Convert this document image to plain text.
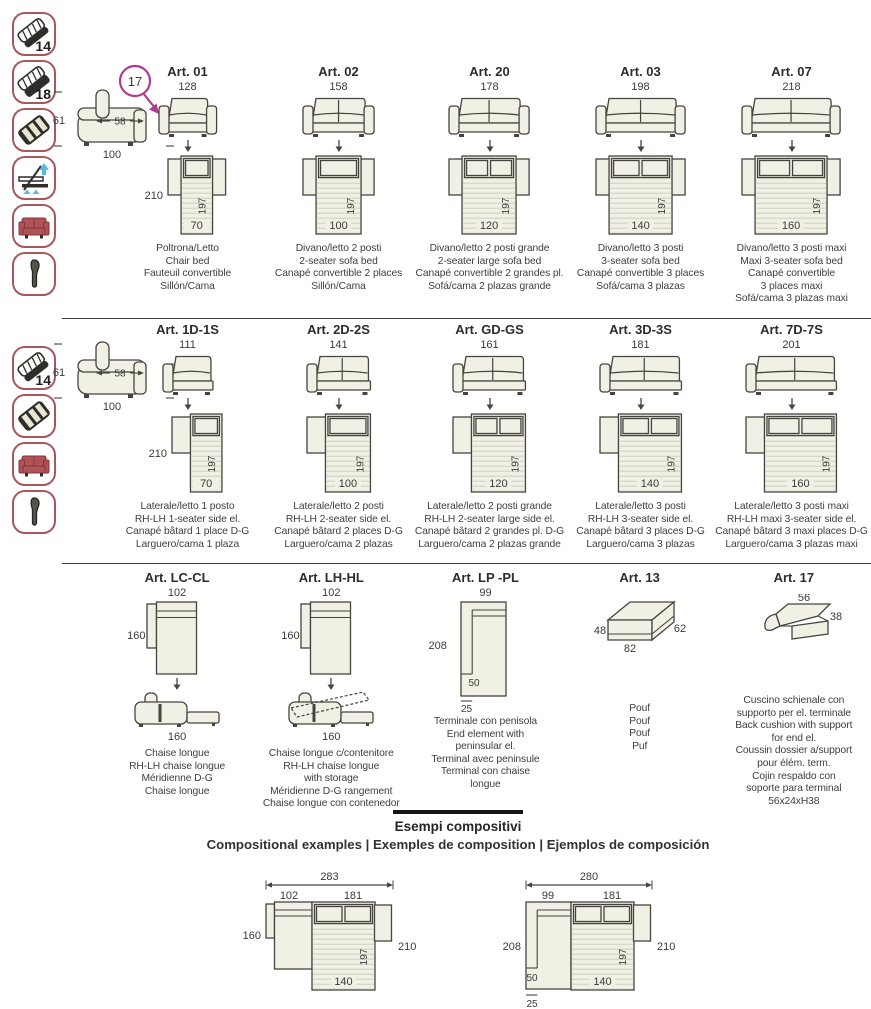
14
18
14
61	58
100
61	58
100
17
Art. 01
128
197
70
210
Poltrona/Letto
Chair bed
Fauteuil convertible
Sillón/Cama
Art. 02
158
197
100
Divano/letto 2 posti
2-seater sofa bed
Canapé convertible 2 places
Sillón/Cama
Art. 20
178
197
120
Divano/letto 2 posti grande
2-seater large sofa bed
Canapé convertible 2 grandes pl.
Sofá/cama 2 plazas grande
Art. 03
198
197
140
Divano/letto 3 posti
3-seater sofa bed
Canapé convertible 3 places
Sofá/cama 3 plazas
Art. 07
218
197
160
Divano/letto 3 posti maxi
Maxi 3-seater sofa bed
Canapé convertible
3 places maxi
Sofá/cama 3 plazas maxi
Art. 1D-1S
111
197
70
210
Laterale/letto 1 posto
RH-LH 1-seater side el.
Canapé bâtard 1 place D-G
Larguero/cama 1 plaza
Art. 2D-2S
141
197
100
Laterale/letto 2 posti
RH-LH 2-seater side el.
Canapé bâtard 2 places D-G
Larguero/cama 2 plazas
Art. GD-GS
161
197
120
Laterale/letto 2 posti grande
RH-LH 2-seater large side el.
Canapé bâtard 2 grandes pl. D-G
Larguero/cama 2 plazas grande
Art. 3D-3S
181
197
140
Laterale/letto 3 posti
RH-LH 3-seater side el.
Canapé bâtard 3 places D-G
Larguero/cama 3 plazas
Art. 7D-7S
201
197
160
Laterale/letto 3 posti maxi
RH-LH maxi 3-seater side el.
Canapé bâtard 3 maxi places D-G
Larguero/cama 3 plazas maxi
Art. LC-CL
102
160
160
Chaise longue
RH-LH chaise longue
Méridienne D-G
Chaise longue
Art. LH-HL
102
160
160
Chaise longue c/contenitore
RH-LH chaise longue
with storage
Méridienne D-G rangement
Chaise longue con contenedor
Art. LP -PL
99
50
25
208
Terminale con penisola
End element with
peninsular el.
Terminal avec peninsule
Terminal con chaise
longue
Art. 13
48
82
62
Pouf
Pouf
Pouf
Puf
Art. 17
56
38
Cuscino schienale con
supporto per el. terminale
Back cushion with support
for end el.
Coussin dossier a/support
pour élém. term.
Cojin respaldo con
soporte para terminal
56x24xH38
Esempi compositivi
Compositional examples | Exemples de composition | Ejemplos de composición
283
102	181
160
197
140
210
280
99	181
50
208
25
197
140
210
